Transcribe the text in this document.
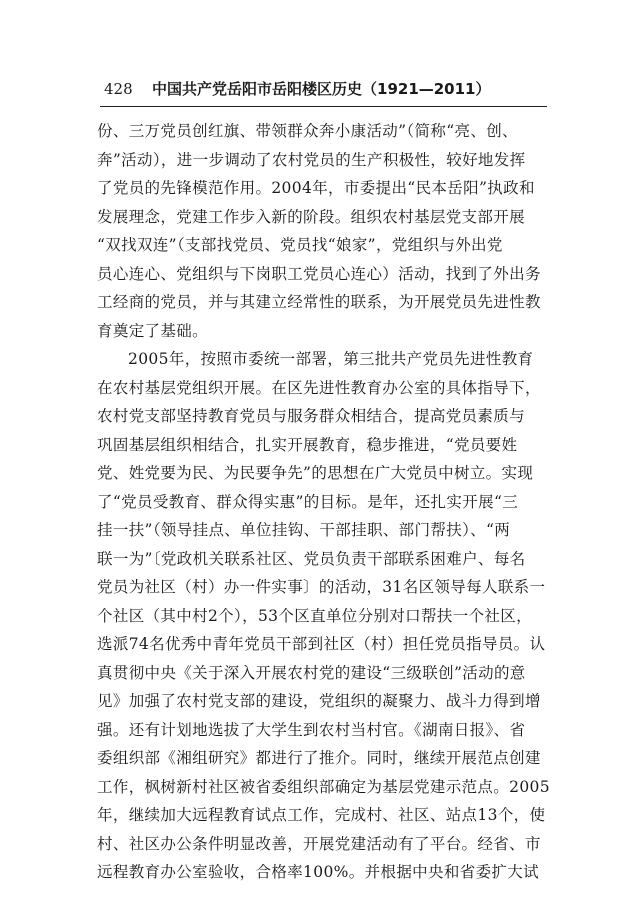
428 中国共产党岳阳市岳阳楼区历史（1921—2011）
份、三万党员创红旗、带领群众奔小康活动”（简称“亮、创、
奔”活动），进一步调动了农村党员的生产积极性，较好地发挥
了党员的先锋模范作用。2004年，市委提出“民本岳阳”执政和
发展理念，党建工作步入新的阶段。组织农村基层党支部开展
“双找双连”（支部找党员、党员找“娘家”，党组织与外出党
员心连心、党组织与下岗职工党员心连心）活动，找到了外出务
工经商的党员，并与其建立经常性的联系，为开展党员先进性教
育奠定了基础。
2005年，按照市委统一部署，第三批共产党员先进性教育
在农村基层党组织开展。在区先进性教育办公室的具体指导下，
农村党支部坚持教育党员与服务群众相结合，提高党员素质与
巩固基层组织相结合，扎实开展教育，稳步推进，“党员要姓
党、姓党要为民、为民要争先”的思想在广大党员中树立。实现
了“党员受教育、群众得实惠”的目标。是年，还扎实开展“三
挂一扶”（领导挂点、单位挂钩、干部挂职、部门帮扶）、“两
联一为”〔党政机关联系社区、党员负责干部联系困难户、每名
党员为社区（村）办一件实事〕的活动，31名区领导每人联系一
个社区（其中村2个），53个区直单位分别对口帮扶一个社区，
选派74名优秀中青年党员干部到社区（村）担任党员指导员。认
真贯彻中央《关于深入开展农村党的建设“三级联创”活动的意
见》加强了农村党支部的建设，党组织的凝聚力、战斗力得到增
强。还有计划地选拔了大学生到农村当村官。《湖南日报》、省
委组织部《湘组研究》都进行了推介。同时，继续开展范点创建
工作，枫树新村社区被省委组织部确定为基层党建示范点。2005
年，继续加大远程教育试点工作，完成村、社区、站点13个，使
村、社区办公条件明显改善，开展党建活动有了平台。经省、市
远程教育办公室验收，合格率100%。并根据中央和省委扩大试
